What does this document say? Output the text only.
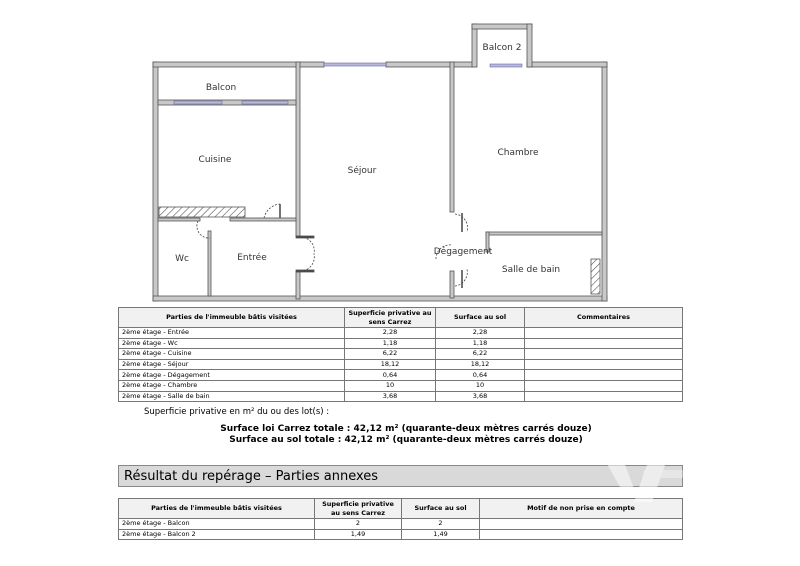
Balcon
Balcon 2
Cuisine
Séjour
Chambre
Wc	Entrée
Dégagement
Salle de bain
Parties de l'immeuble bâtis visitées	Superficie privative au sens Carrez	Surface au sol	Commentaires
2ème étage - Entrée	2,28	2,28	
2ème étage - Wc	1,18	1,18	
2ème étage - Cuisine	6,22	6,22	
2ème étage - Séjour	18,12	18,12	
2ème étage - Dégagement	0,64	0,64	
2ème étage - Chambre	10	10	
2ème étage - Salle de bain	3,68	3,68	
Superficie privative en m² du ou des lot(s) :
Surface loi Carrez totale : 42,12 m² (quarante-deux mètres carrés douze)
Surface au sol totale : 42,12 m² (quarante-deux mètres carrés douze)
Résultat du repérage – Parties annexes
Parties de l'immeuble bâtis visitées	Superficie privative au sens Carrez	Surface au sol	Motif de non prise en compte
2ème étage - Balcon	2	2	
2ème étage - Balcon 2	1,49	1,49	
